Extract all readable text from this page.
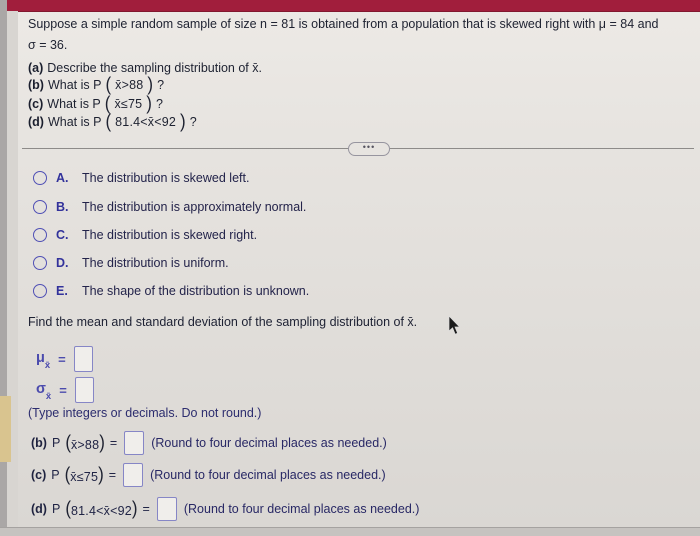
Suppose a simple random sample of size n = 81 is obtained from a population that is skewed right with μ = 84 and
σ = 36.
(a) Describe the sampling distribution of x̄.
(b) What is P ( x̄>88 ) ?
(c) What is P ( x̄≤75 ) ?
(d) What is P ( 81.4<x̄<92 ) ?
•••
A.	The distribution is skewed left.
B.	The distribution is approximately normal.
C.	The distribution is skewed right.
D.	The distribution is uniform.
E.	The shape of the distribution is unknown.
Find the mean and standard deviation of the sampling distribution of x̄.
$\mu_{x̄}$ =
$\sigma_{x̄}$ =
(Type integers or decimals. Do not round.)
(b) P (x̄>88) =	(Round to four decimal places as needed.)
(c) P (x̄≤75) =	(Round to four decimal places as needed.)
(d) P (81.4<x̄<92) =	(Round to four decimal places as needed.)
